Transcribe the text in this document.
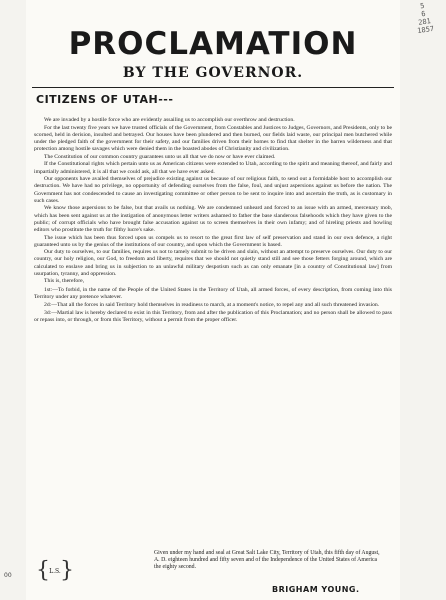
PROCLAMATION
BY THE GOVERNOR.
CITIZENS OF UTAH---

We are invaded by a hostile force who are evidently assailing us to accomplish our overthrow and destruction.

For the last twenty five years we have trusted officials of the Government, from Constables and Justices to Judges, Governors, and Presidents, only to be scorned, held in derision, insulted and betrayed. Our houses have been plundered and then burned, our fields laid waste, our principal men butchered while under the pledged faith of the government for their safety, and our families driven from their homes to find that shelter in the barren wilderness and that protection among hostile savages which were denied them in the boasted abodes of Christianity and civilization.

The Constitution of our common country guarantees unto us all that we do now or have ever claimed.

If the Constitutional rights which pertain unto us as American citizens were extended to Utah, according to the spirit and meaning thereof, and fairly and impartially administered, it is all that we could ask, all that we have ever asked.

Our opponents have availed themselves of prejudice existing against us because of our religious faith, to send out a formidable host to accomplish our destruction. We have had no privilege, no opportunity of defending ourselves from the false, foul, and unjust aspersions against us before the nation. The Government has not condescended to cause an investigating committee or other person to be sent to inquire into and ascertain the truth, as is customary in such cases.

We know those aspersions to be false, but that avails us nothing. We are condemned unheard and forced to an issue with an armed, mercenary mob, which has been sent against us at the instigation of anonymous letter writers ashamed to father the base slanderous falsehoods which they have given to the public; of corrupt officials who have brought false accusation against us to screen themselves in their own infamy; and of hireling priests and howling editors who prostitute the truth for filthy lucre's sake.

The issue which has been thus forced upon us compels us to resort to the great first law of self preservation and stand in our own defence, a right guaranteed unto us by the genius of the institutions of our country, and upon which the Government is based.

Our duty to ourselves, to our families, requires us not to tamely submit to be driven and slain, without an attempt to preserve ourselves. Our duty to our country, our holy religion, our God, to freedom and liberty, requires that we should not quietly stand still and see those fetters forging around, which are calculated to enslave and bring us in subjection to an unlawful military despotism such as can only emanate [in a country of Constitutional law] from usurpation, tyranny, and oppression.

This is, therefore,

1st:—To forbid, in the name of the People of the United States in the Territory of Utah, all armed forces, of every description, from coming into this Territory under any pretence whatever.

2d:—That all the forces in said Territory hold themselves in readiness to march, at a moment's notice, to repel any and all such threatened invasion.

3d:—Martial law is hereby declared to exist in this Territory, from and after the publication of this Proclamation; and no person shall be allowed to pass or repass into, or through, or from this Territory, without a permit from the proper officer.

{ L.S. }
Given under my hand and seal at Great Salt Lake City, Territory of Utah, this fifth day of August, A. D. eighteen hundred and fifty seven and of the Independence of the United States of America the eighty second.
BRIGHAM YOUNG.
5
6
281
1857
00
